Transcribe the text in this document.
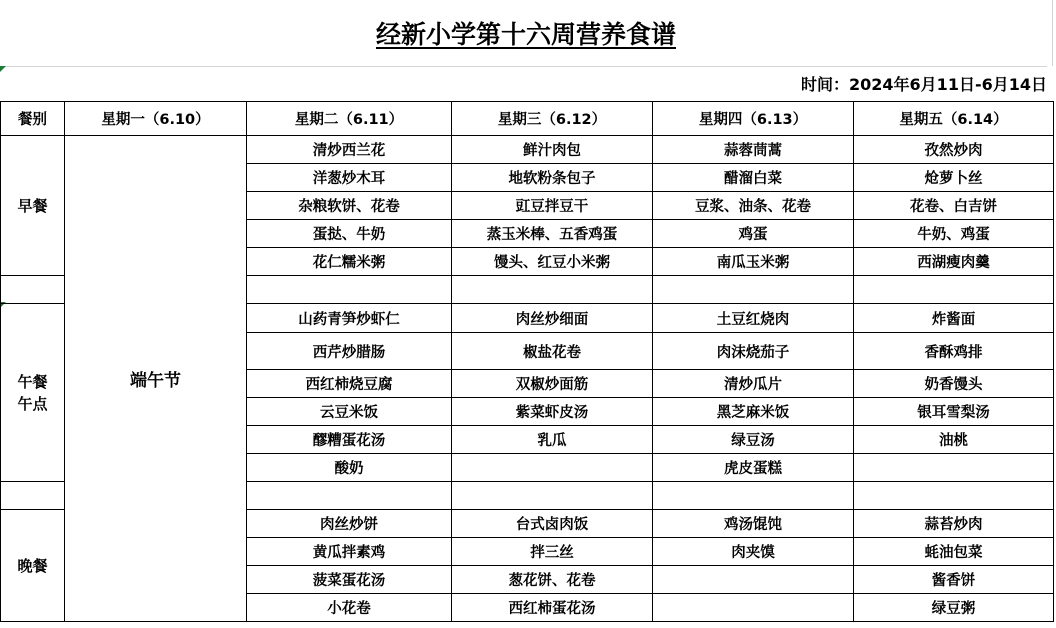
经新小学第十六周营养食谱
时间：2024年6月11日-6月14日
餐别	星期一（6.10）	星期二（6.11）	星期三（6.12）	星期四（6.13）	星期五（6.14）
早餐	端午节	清炒西兰花	鲜汁肉包	蒜蓉茼蒿	孜然炒肉
		洋葱炒木耳	地软粉条包子	醋溜白菜	炝萝卜丝
		杂粮软饼、花卷	豇豆拌豆干	豆浆、油条、花卷	花卷、白吉饼
		蛋挞、牛奶	蒸玉米棒、五香鸡蛋	鸡蛋	牛奶、鸡蛋
		花仁糯米粥	馒头、红豆小米粥	南瓜玉米粥	西湖瘦肉羹

午餐
午点		山药青笋炒虾仁	肉丝炒细面	土豆红烧肉	炸酱面
		西芹炒腊肠	椒盐花卷	肉沫烧茄子	香酥鸡排
		西红柿烧豆腐	双椒炒面筋	清炒瓜片	奶香馒头
		云豆米饭	紫菜虾皮汤	黑芝麻米饭	银耳雪梨汤
		醪糟蛋花汤	乳瓜	绿豆汤	油桃
		酸奶		虎皮蛋糕	

晚餐		肉丝炒饼	台式卤肉饭	鸡汤馄饨	蒜苔炒肉
		黄瓜拌素鸡	拌三丝	肉夹馍	蚝油包菜
		菠菜蛋花汤	葱花饼、花卷		酱香饼
		小花卷	西红柿蛋花汤		绿豆粥
